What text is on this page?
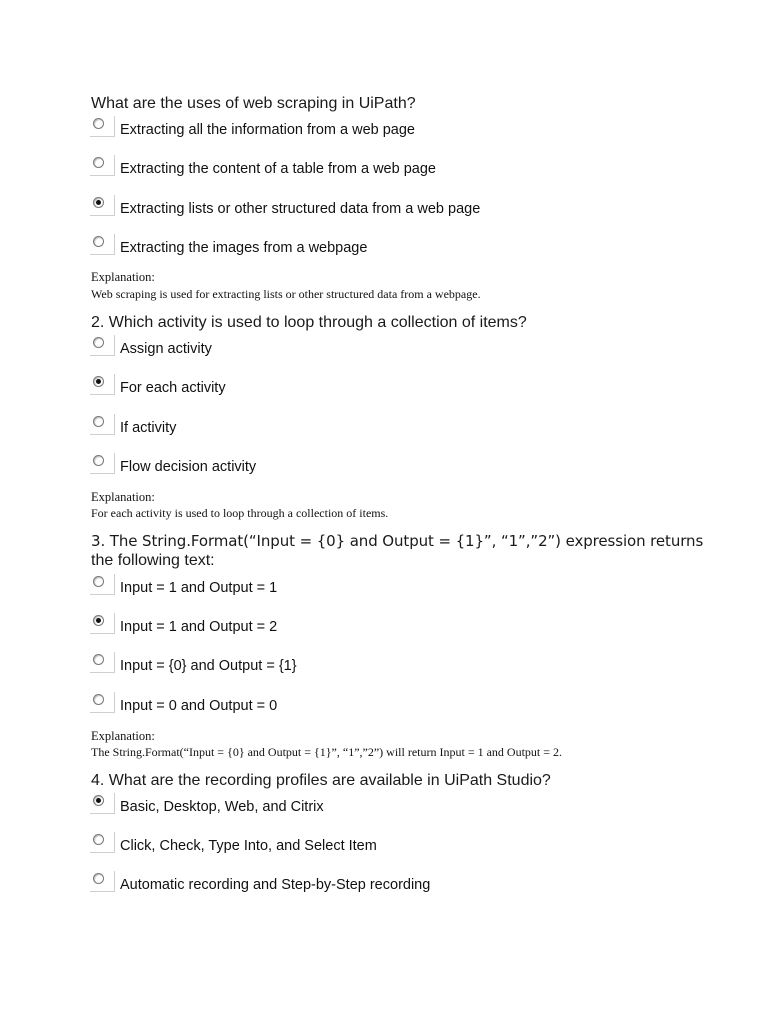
What are the uses of web scraping in UiPath?
Extracting all the information from a web page
Extracting the content of a table from a web page
Extracting lists or other structured data from a web page
Extracting the images from a webpage
Explanation:
Web scraping is used for extracting lists or other structured data from a webpage.
2. Which activity is used to loop through a collection of items?
Assign activity
For each activity
If activity
Flow decision activity
Explanation:
For each activity is used to loop through a collection of items.
3. The String.Format(“Input = {0} and Output = {1}”, “1”,”2”) expression returns
the following text:
Input = 1 and Output = 1
Input = 1 and Output = 2
Input = {0} and Output = {1}
Input = 0 and Output = 0
Explanation:
The String.Format(“Input = {0} and Output = {1}”, “1”,”2”) will return Input = 1 and Output = 2.
4. What are the recording profiles are available in UiPath Studio?
Basic, Desktop, Web, and Citrix
Click, Check, Type Into, and Select Item
Automatic recording and Step-by-Step recording
